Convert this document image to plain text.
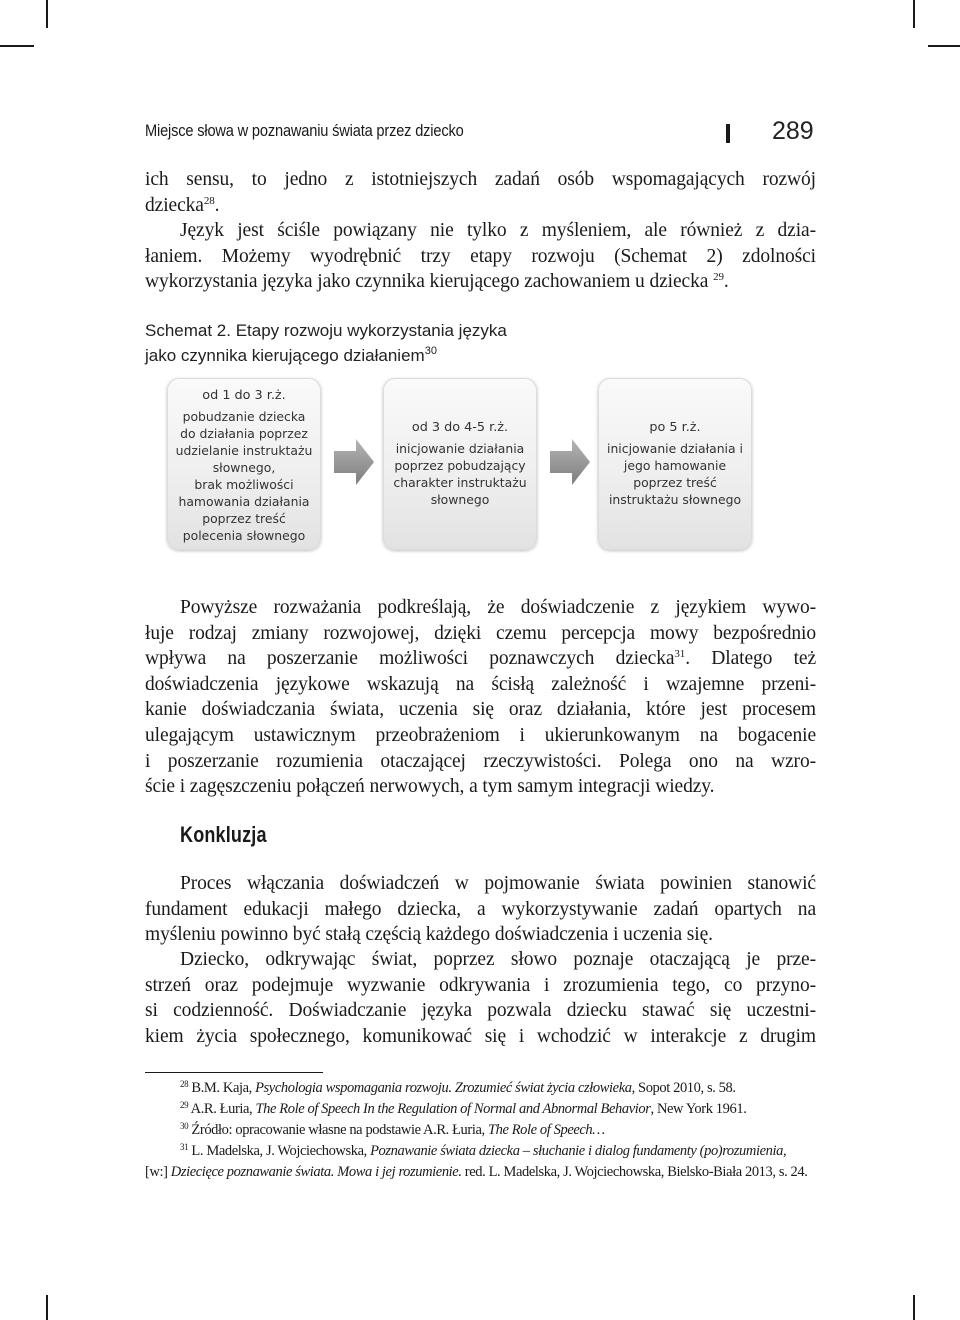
Miejsce słowa w poznawaniu świata przez dziecko	289
ich sensu, to jedno z istotniejszych zadań osób wspomagających rozwój
dziecka$^{28}$.
Język jest ściśle powiązany nie tylko z myśleniem, ale również z dzia-
łaniem. Możemy wyodrębnić trzy etapy rozwoju (Schemat 2) zdolności
wykorzystania języka jako czynnika kierującego zachowaniem u dziecka $^{29}$.
Schemat 2. Etapy rozwoju wykorzystania języka
jako czynnika kierującego działaniem$^{30}$
od 1 do 3 r.ż.
pobudzanie dziecka
do działania poprzez
udzielanie instruktażu
słownego,
brak możliwości
hamowania działania
poprzez treść
polecenia słownego
od 3 do 4-5 r.ż.
inicjowanie działania
poprzez pobudzający
charakter instruktażu
słownego
po 5 r.ż.
inicjowanie działania i
jego hamowanie
poprzez treść
instruktażu słownego
Powyższe rozważania podkreślają, że doświadczenie z językiem wywo-
łuje rodzaj zmiany rozwojowej, dzięki czemu percepcja mowy bezpośrednio
wpływa na poszerzanie możliwości poznawczych dziecka$^{31}$. Dlatego też
doświadczenia językowe wskazują na ścisłą zależność i wzajemne przeni-
kanie doświadczania świata, uczenia się oraz działania, które jest procesem
ulegającym ustawicznym przeobrażeniom i ukierunkowanym na bogacenie
i poszerzanie rozumienia otaczającej rzeczywistości. Polega ono na wzro-
ście i zagęszczeniu połączeń nerwowych, a tym samym integracji wiedzy.
Konkluzja
Proces włączania doświadczeń w pojmowanie świata powinien stanowić
fundament edukacji małego dziecka, a wykorzystywanie zadań opartych na
myśleniu powinno być stałą częścią każdego doświadczenia i uczenia się.
Dziecko, odkrywając świat, poprzez słowo poznaje otaczającą je prze-
strzeń oraz podejmuje wyzwanie odkrywania i zrozumienia tego, co przyno-
si codzienność. Doświadczanie języka pozwala dziecku stawać się uczestni-
kiem życia społecznego, komunikować się i wchodzić w interakcje z drugim
$^{28}$ B.M. Kaja, Psychologia wspomagania rozwoju. Zrozumieć świat życia człowieka, Sopot 2010, s. 58.
$^{29}$ A.R. Łuria, The Role of Speech In the Regulation of Normal and Abnormal Behavior, New York 1961.
$^{30}$ Źródło: opracowanie własne na podstawie A.R. Łuria, The Role of Speech…
$^{31}$ L. Madelska, J. Wojciechowska, Poznawanie świata dziecka – słuchanie i dialog fundamenty (po)rozumienia,
[w:] Dziecięce poznawanie świata. Mowa i jej rozumienie. red. L. Madelska, J. Wojciechowska, Bielsko-Biała 2013, s. 24.
